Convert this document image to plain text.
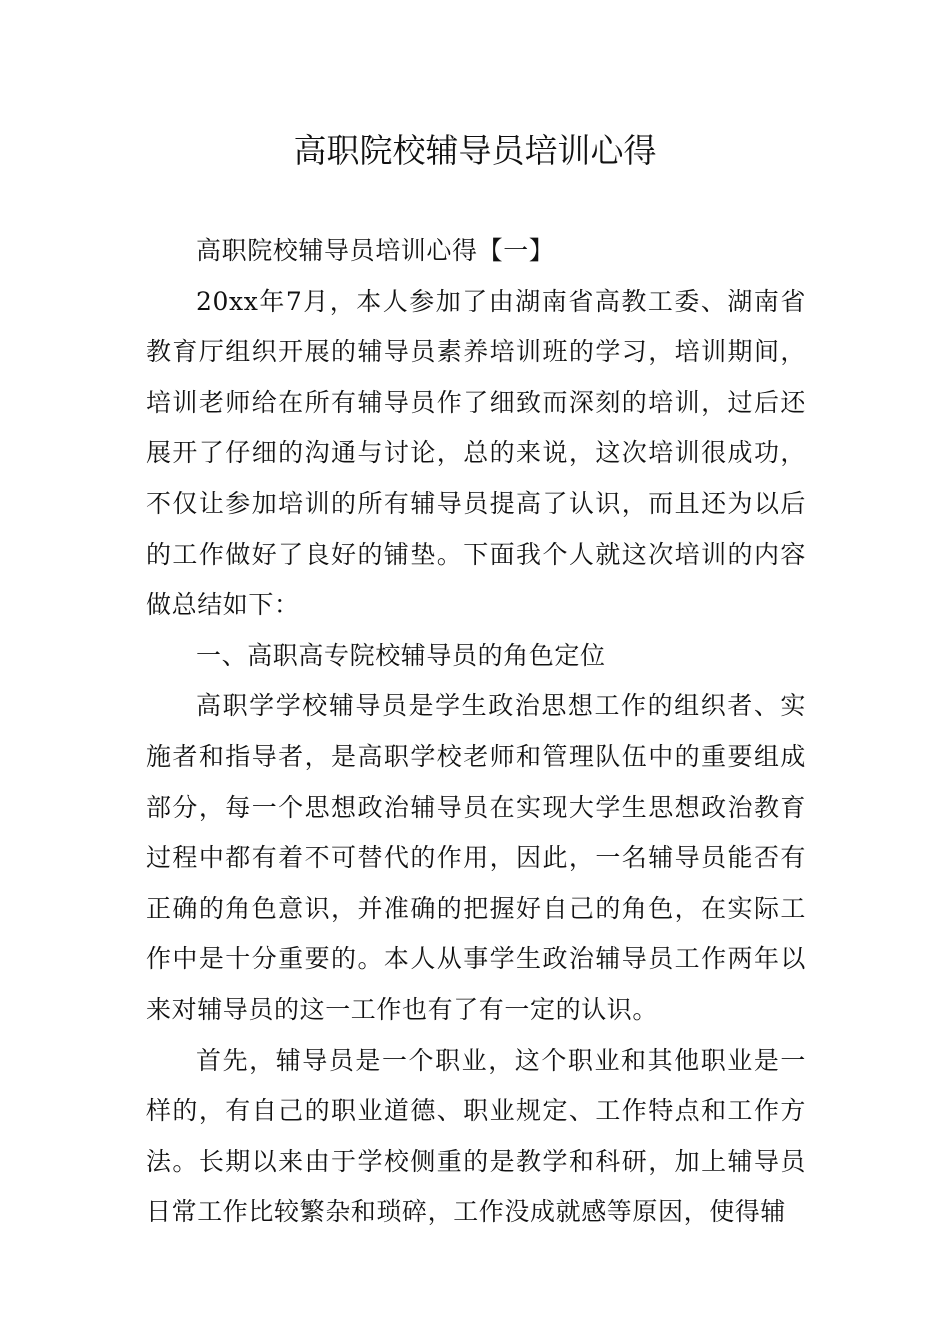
高职院校辅导员培训心得

高职院校辅导员培训心得【一】

20xx年7月，本人参加了由湖南省高教工委、湖南省教育厅组织开展的辅导员素养培训班的学习，培训期间，培训老师给在所有辅导员作了细致而深刻的培训，过后还展开了仔细的沟通与讨论，总的来说，这次培训很成功，不仅让参加培训的所有辅导员提高了认识，而且还为以后的工作做好了良好的铺垫。下面我个人就这次培训的内容做总结如下：

一、高职高专院校辅导员的角色定位

高职学学校辅导员是学生政治思想工作的组织者、实施者和指导者，是高职学校老师和管理队伍中的重要组成部分，每一个思想政治辅导员在实现大学生思想政治教育过程中都有着不可替代的作用，因此，一名辅导员能否有正确的角色意识，并准确的把握好自己的角色，在实际工作中是十分重要的。本人从事学生政治辅导员工作两年以来对辅导员的这一工作也有了有一定的认识。

首先，辅导员是一个职业，这个职业和其他职业是一样的，有自己的职业道德、职业规定、工作特点和工作方法。长期以来由于学校侧重的是教学和科研，加上辅导员日常工作比较繁杂和琐碎，工作没成就感等原因，使得辅
